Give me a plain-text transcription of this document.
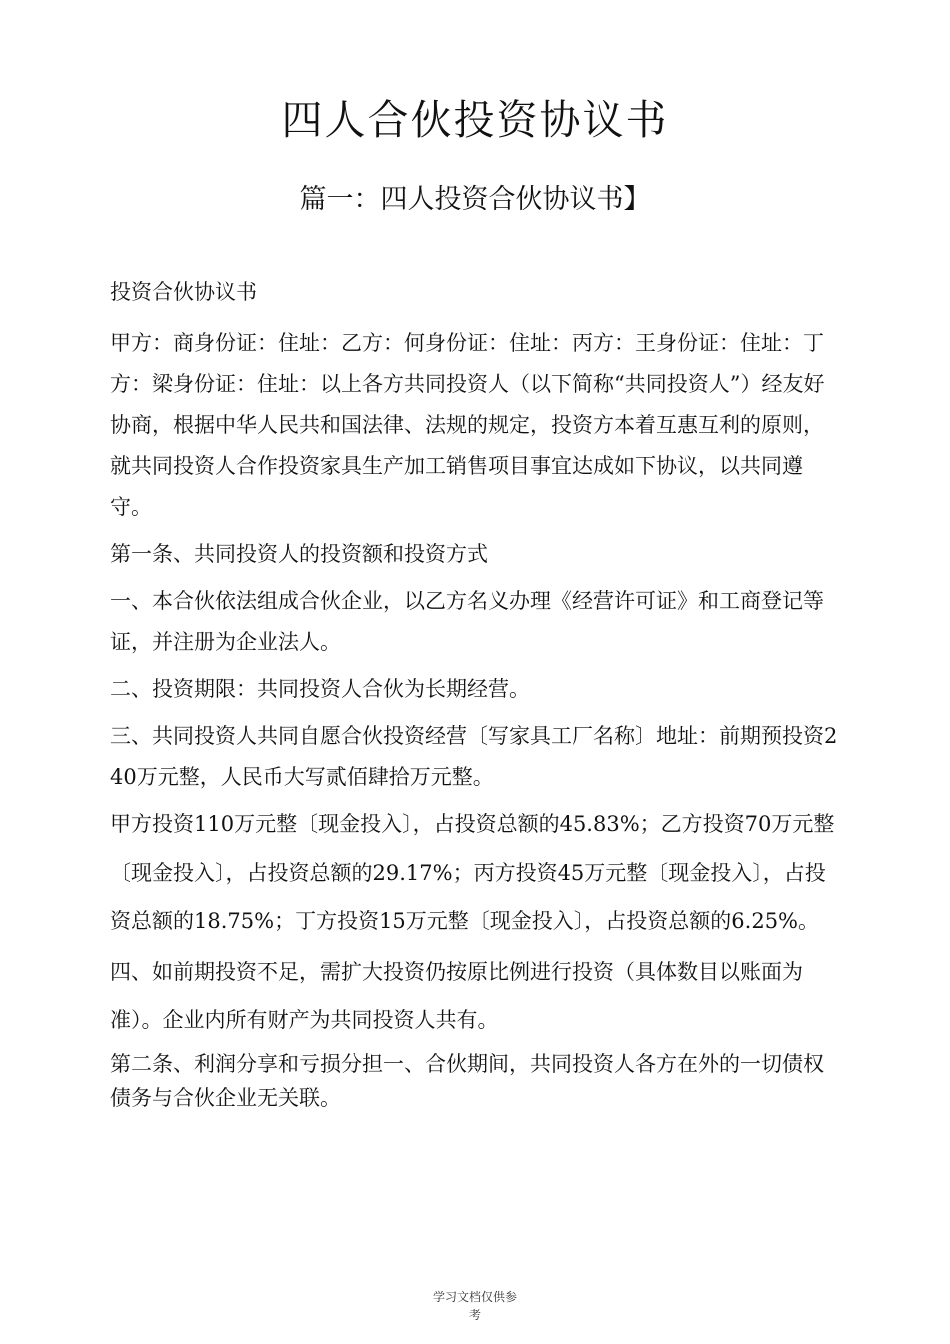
四人合伙投资协议书
篇一：四人投资合伙协议书】

投资合伙协议书

甲方：商身份证：住址：乙方：何身份证：住址：丙方：王身份证：住址：丁方：梁身份证：住址：以上各方共同投资人（以下简称“共同投资人”）经友好协商，根据中华人民共和国法律、法规的规定，投资方本着互惠互利的原则，就共同投资人合作投资家具生产加工销售项目事宜达成如下协议，以共同遵守。

第一条、共同投资人的投资额和投资方式

一、本合伙依法组成合伙企业，以乙方名义办理《经营许可证》和工商登记等证，并注册为企业法人。

二、投资期限：共同投资人合伙为长期经营。

三、共同投资人共同自愿合伙投资经营〔写家具工厂名称〕地址：前期预投资240万元整，人民币大写贰佰肆拾万元整。

甲方投资110万元整〔现金投入〕，占投资总额的45.83%；乙方投资70万元整〔现金投入〕，占投资总额的29.17%；丙方投资45万元整〔现金投入〕，占投资总额的18.75%；丁方投资15万元整〔现金投入〕，占投资总额的6.25%。

四、如前期投资不足，需扩大投资仍按原比例进行投资（具体数目以账面为准）。企业内所有财产为共同投资人共有。

第二条、利润分享和亏损分担一、合伙期间，共同投资人各方在外的一切债权债务与合伙企业无关联。

学习文档仅供参
考
